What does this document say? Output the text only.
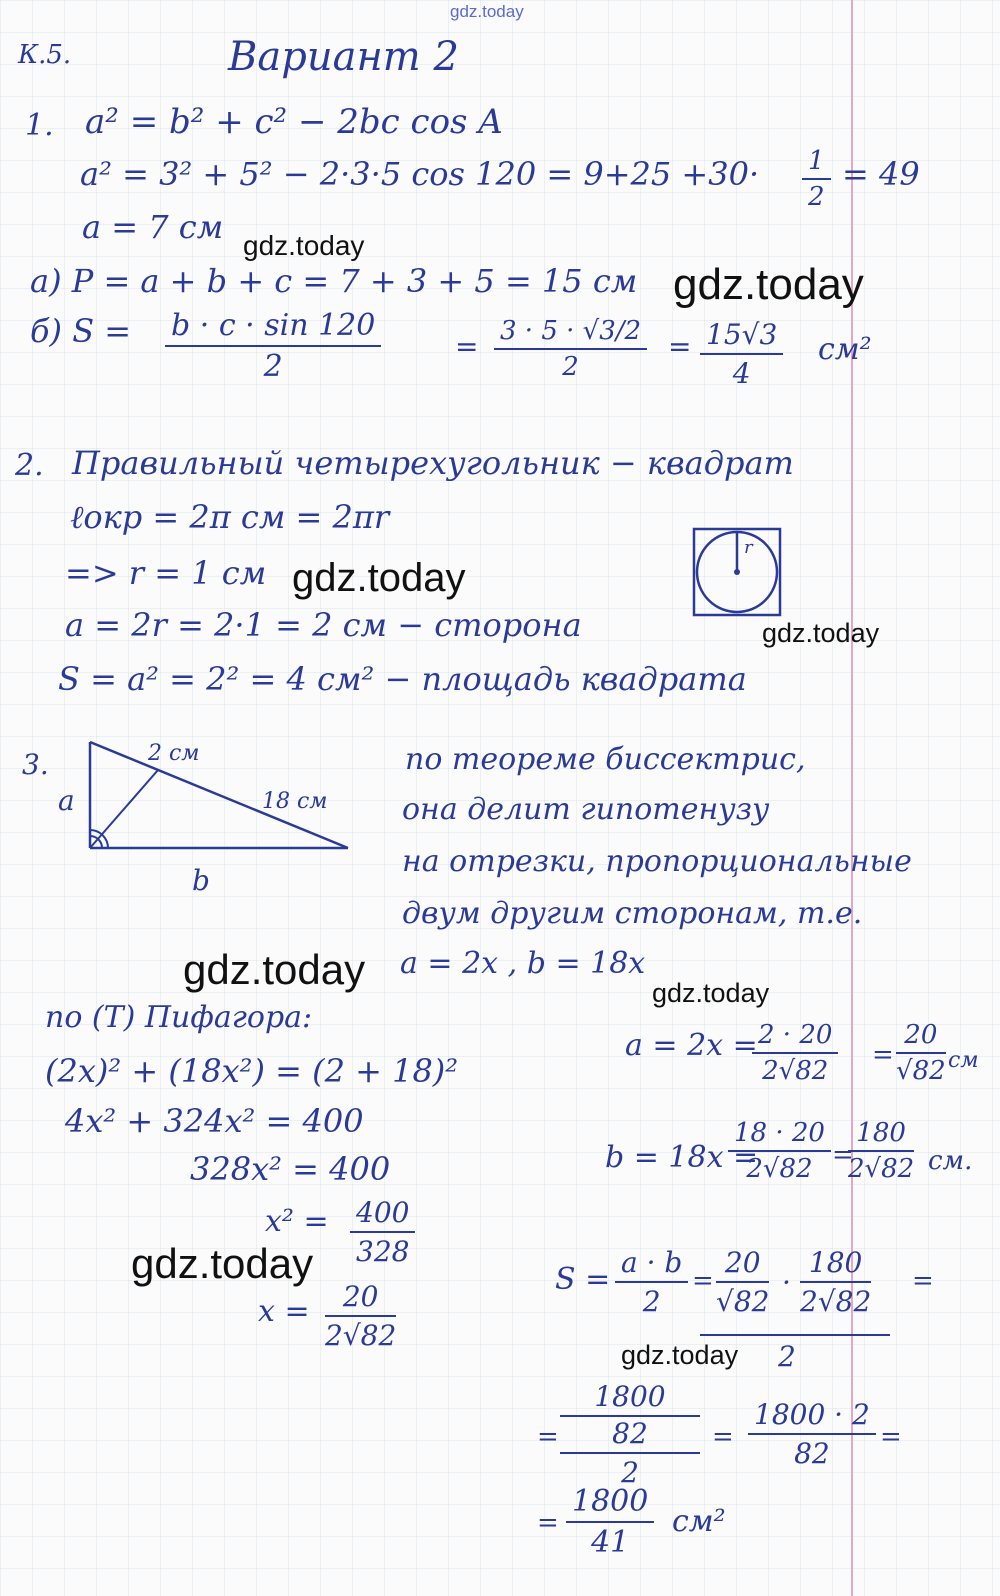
gdz.today
gdz.today
gdz.today
gdz.today
gdz.today
gdz.today	gdz.today
gdz.today
gdz.today
К.5.	Вариант 2
1. a² = b² + c² − 2bc cos A
a² = 3² + 5² − 2·3·5 $\cos 120 = 9+25 +30\cdot \frac{1}{2} = 49$
a = 7 см
а) P = a + b + c = 7 + 3 + 5 = 15 см
б) $S = \frac{b \cdot c \cdot \sin 120}{2}$	= $\frac{3 \cdot 5 \cdot √3/2}{2} = \frac{15√3}{4} см^2$
2. Правильный четырехугольник − квадрат
ℓокр = 2π см = 2πr
=> r = 1 см
a = 2r = 2·1 = 2 см − сторона
S = a² = 2² = 4 см² − площадь квадрата
r
3.	2 см
18 см
a
b
по теореме биссектрис,
она делит гипотенузу
на отрезки, пропорциональные
двум другим сторонам, т.е.
a = 2x , b = 18x
по (Т) Пифагора:
(2x)² + (18x²) = (2 + 18)²
4x² + 324x² = 400
328x² = 400
$x^2 = \frac{400}{328}$
$x = \frac{20}{2√82}$
a = 2x =
$\frac{2 \cdot 20}{2√82} = \frac{20}{√82}$ см
b = 18x =
$\frac{18 \cdot 20}{2√82}$ =
$\frac{180}{2√82}$ см.
$S = \frac{a \cdot b}{2} = \frac{20}{√82} \cdot \frac{180}{2√82}$ =
2
=
1800
82
2
= $\frac{1800 \cdot 2}{82}$ =
= $\frac{1800}{41} см^2$
